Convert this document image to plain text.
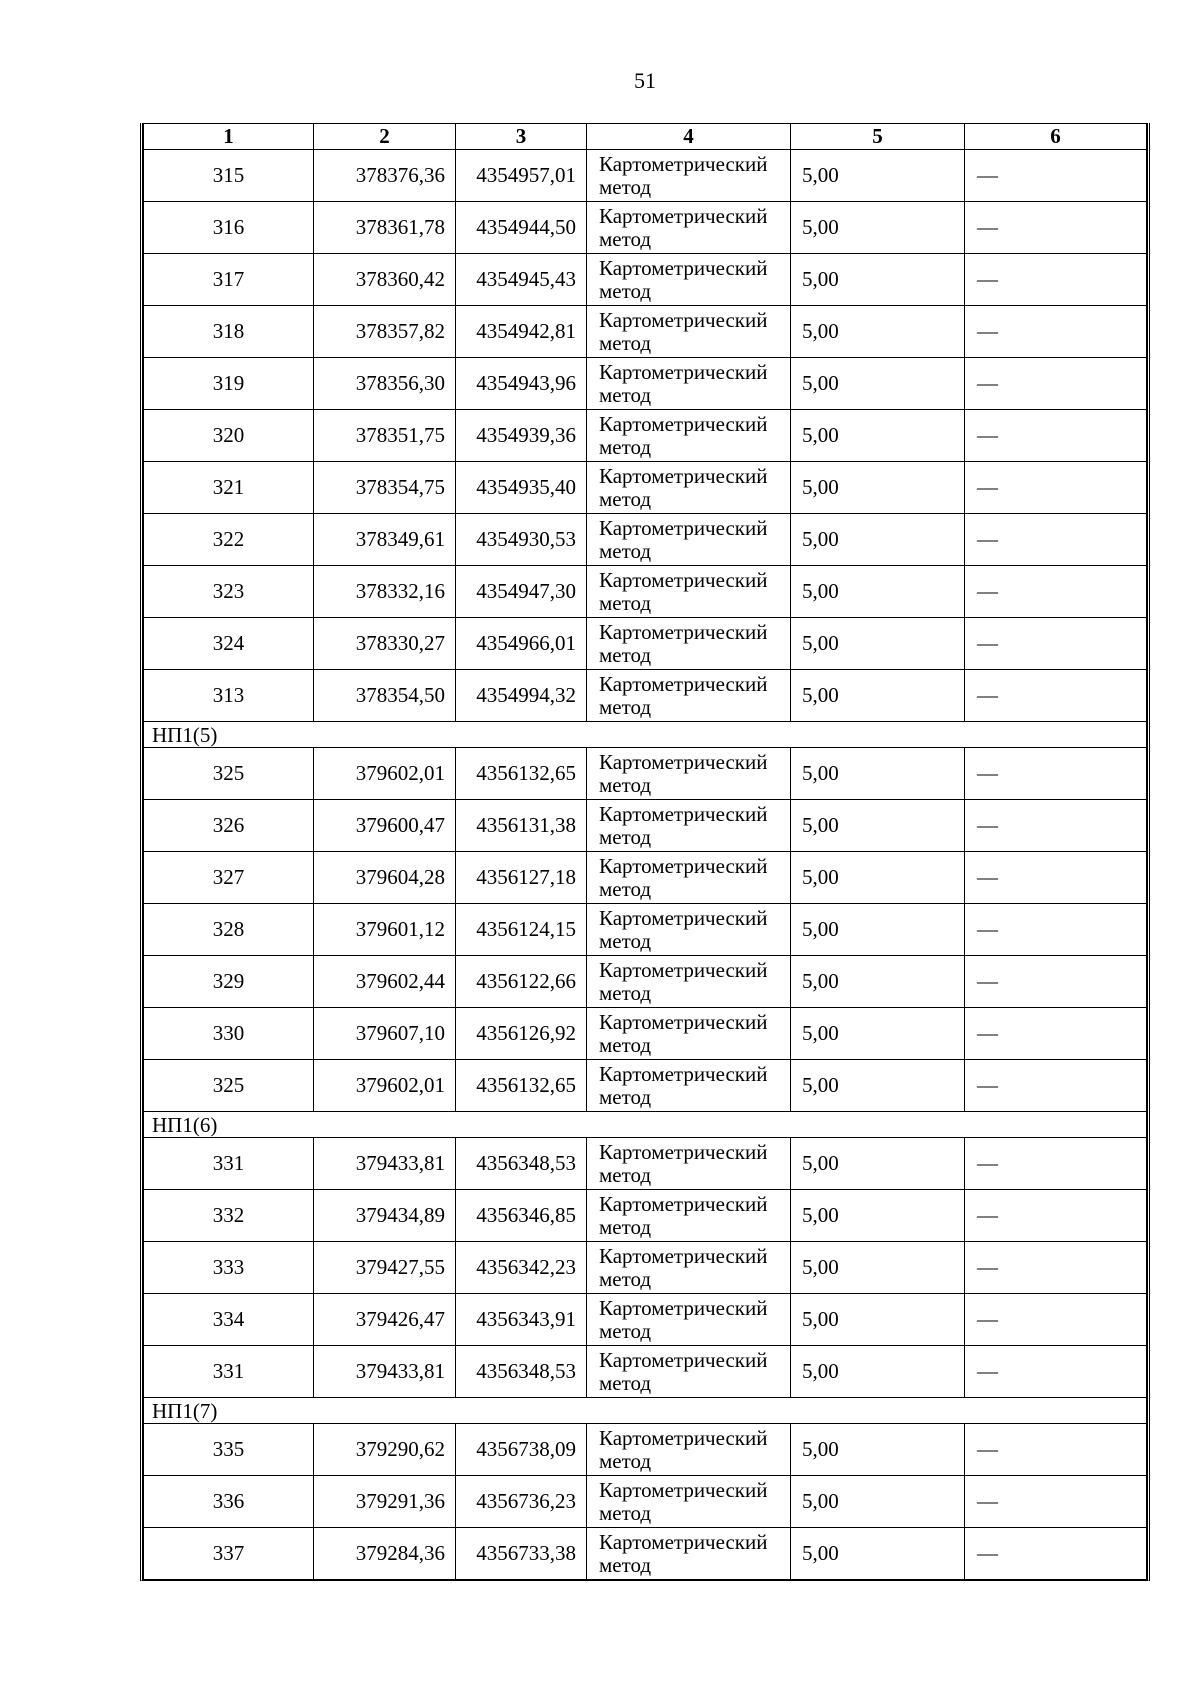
51
1	2	3	4	5	6
315	378376,36	4354957,01	Картометрический метод	5,00	—
316	378361,78	4354944,50	Картометрический метод	5,00	—
317	378360,42	4354945,43	Картометрический метод	5,00	—
318	378357,82	4354942,81	Картометрический метод	5,00	—
319	378356,30	4354943,96	Картометрический метод	5,00	—
320	378351,75	4354939,36	Картометрический метод	5,00	—
321	378354,75	4354935,40	Картометрический метод	5,00	—
322	378349,61	4354930,53	Картометрический метод	5,00	—
323	378332,16	4354947,30	Картометрический метод	5,00	—
324	378330,27	4354966,01	Картометрический метод	5,00	—
313	378354,50	4354994,32	Картометрический метод	5,00	—
НП1(5)					
325	379602,01	4356132,65	Картометрический метод	5,00	—
326	379600,47	4356131,38	Картометрический метод	5,00	—
327	379604,28	4356127,18	Картометрический метод	5,00	—
328	379601,12	4356124,15	Картометрический метод	5,00	—
329	379602,44	4356122,66	Картометрический метод	5,00	—
330	379607,10	4356126,92	Картометрический метод	5,00	—
325	379602,01	4356132,65	Картометрический метод	5,00	—
НП1(6)					
331	379433,81	4356348,53	Картометрический метод	5,00	—
332	379434,89	4356346,85	Картометрический метод	5,00	—
333	379427,55	4356342,23	Картометрический метод	5,00	—
334	379426,47	4356343,91	Картометрический метод	5,00	—
331	379433,81	4356348,53	Картометрический метод	5,00	—
НП1(7)					
335	379290,62	4356738,09	Картометрический метод	5,00	—
336	379291,36	4356736,23	Картометрический метод	5,00	—
337	379284,36	4356733,38	Картометрический метод	5,00	—
